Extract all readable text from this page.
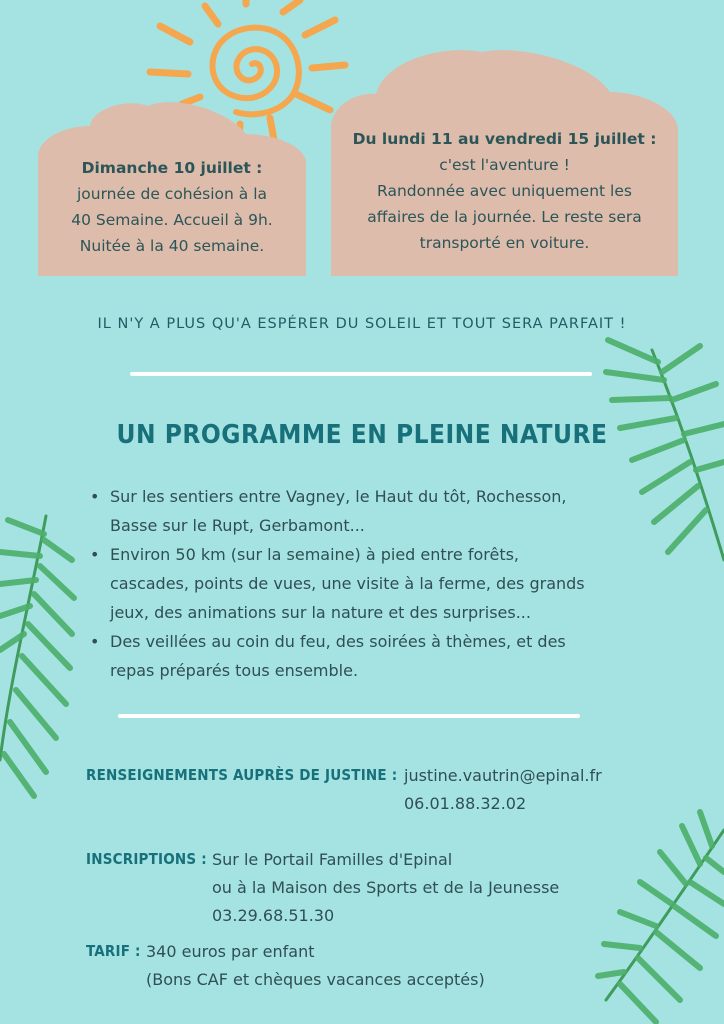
Dimanche 10 juillet :
journée de cohésion à la
40 Semaine. Accueil à 9h.
Nuitée à la 40 semaine.
Du lundi 11 au vendredi 15 juillet :
c'est l'aventure !
Randonnée avec uniquement les
affaires de la journée. Le reste sera
transporté en voiture.
IL N'Y A PLUS QU'A ESPÉRER DU SOLEIL ET TOUT SERA PARFAIT !
UN PROGRAMME EN PLEINE NATURE
• Sur les sentiers entre Vagney, le Haut du tôt, Rochesson,
Basse sur le Rupt, Gerbamont...
• Environ 50 km (sur la semaine) à pied entre forêts,
cascades, points de vues, une visite à la ferme, des grands
jeux, des animations sur la nature et des surprises...
• Des veillées au coin du feu, des soirées à thèmes, et des
repas préparés tous ensemble.
RENSEIGNEMENTS AUPRÈS DE JUSTINE : justine.vautrin@epinal.fr
06.01.88.32.02
INSCRIPTIONS : Sur le Portail Familles d'Epinal
ou à la Maison des Sports et de la Jeunesse
03.29.68.51.30
TARIF : 340 euros par enfant
(Bons CAF et chèques vacances acceptés)
